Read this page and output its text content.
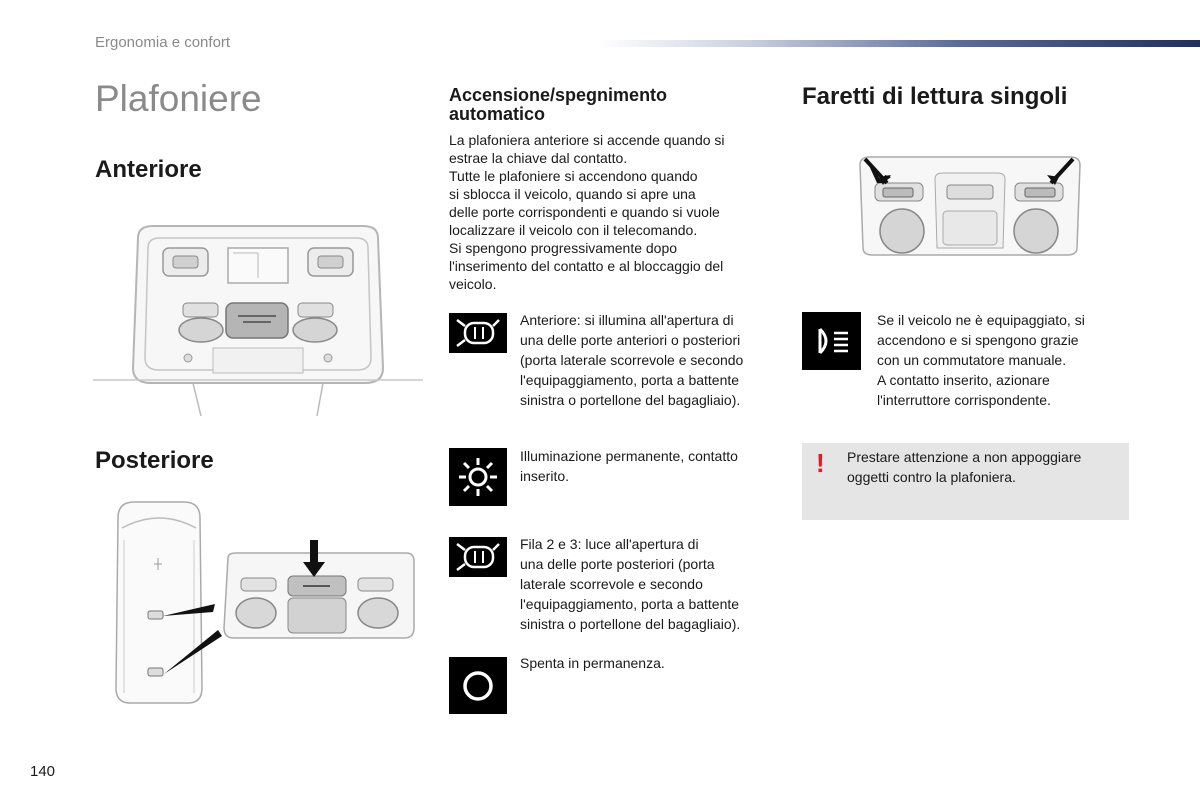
Ergonomia e confort
Plafoniere
Anteriore
Posteriore
Accensione/spegnimento automatico
La plafoniera anteriore si accende quando si
estrae la chiave dal contatto.
Tutte le plafoniere si accendono quando
si sblocca il veicolo, quando si apre una
delle porte corrispondenti e quando si vuole
localizzare il veicolo con il telecomando.
Si spengono progressivamente dopo
l'inserimento del contatto e al bloccaggio del
veicolo.
Anteriore: si illumina all'apertura di
una delle porte anteriori o posteriori
(porta laterale scorrevole e secondo
l'equipaggiamento, porta a battente
sinistra o portellone del bagagliaio).
Illuminazione permanente, contatto
inserito.
Fila 2 e 3: luce all'apertura di
una delle porte posteriori (porta
laterale scorrevole e secondo
l'equipaggiamento, porta a battente
sinistra o portellone del bagagliaio).
Spenta in permanenza.
Faretti di lettura singoli
Se il veicolo ne è equipaggiato, si
accendono e si spengono grazie
con un commutatore manuale.
A contatto inserito, azionare
l'interruttore corrispondente.
! Prestare attenzione a non appoggiare
oggetti contro la plafoniera.
140
